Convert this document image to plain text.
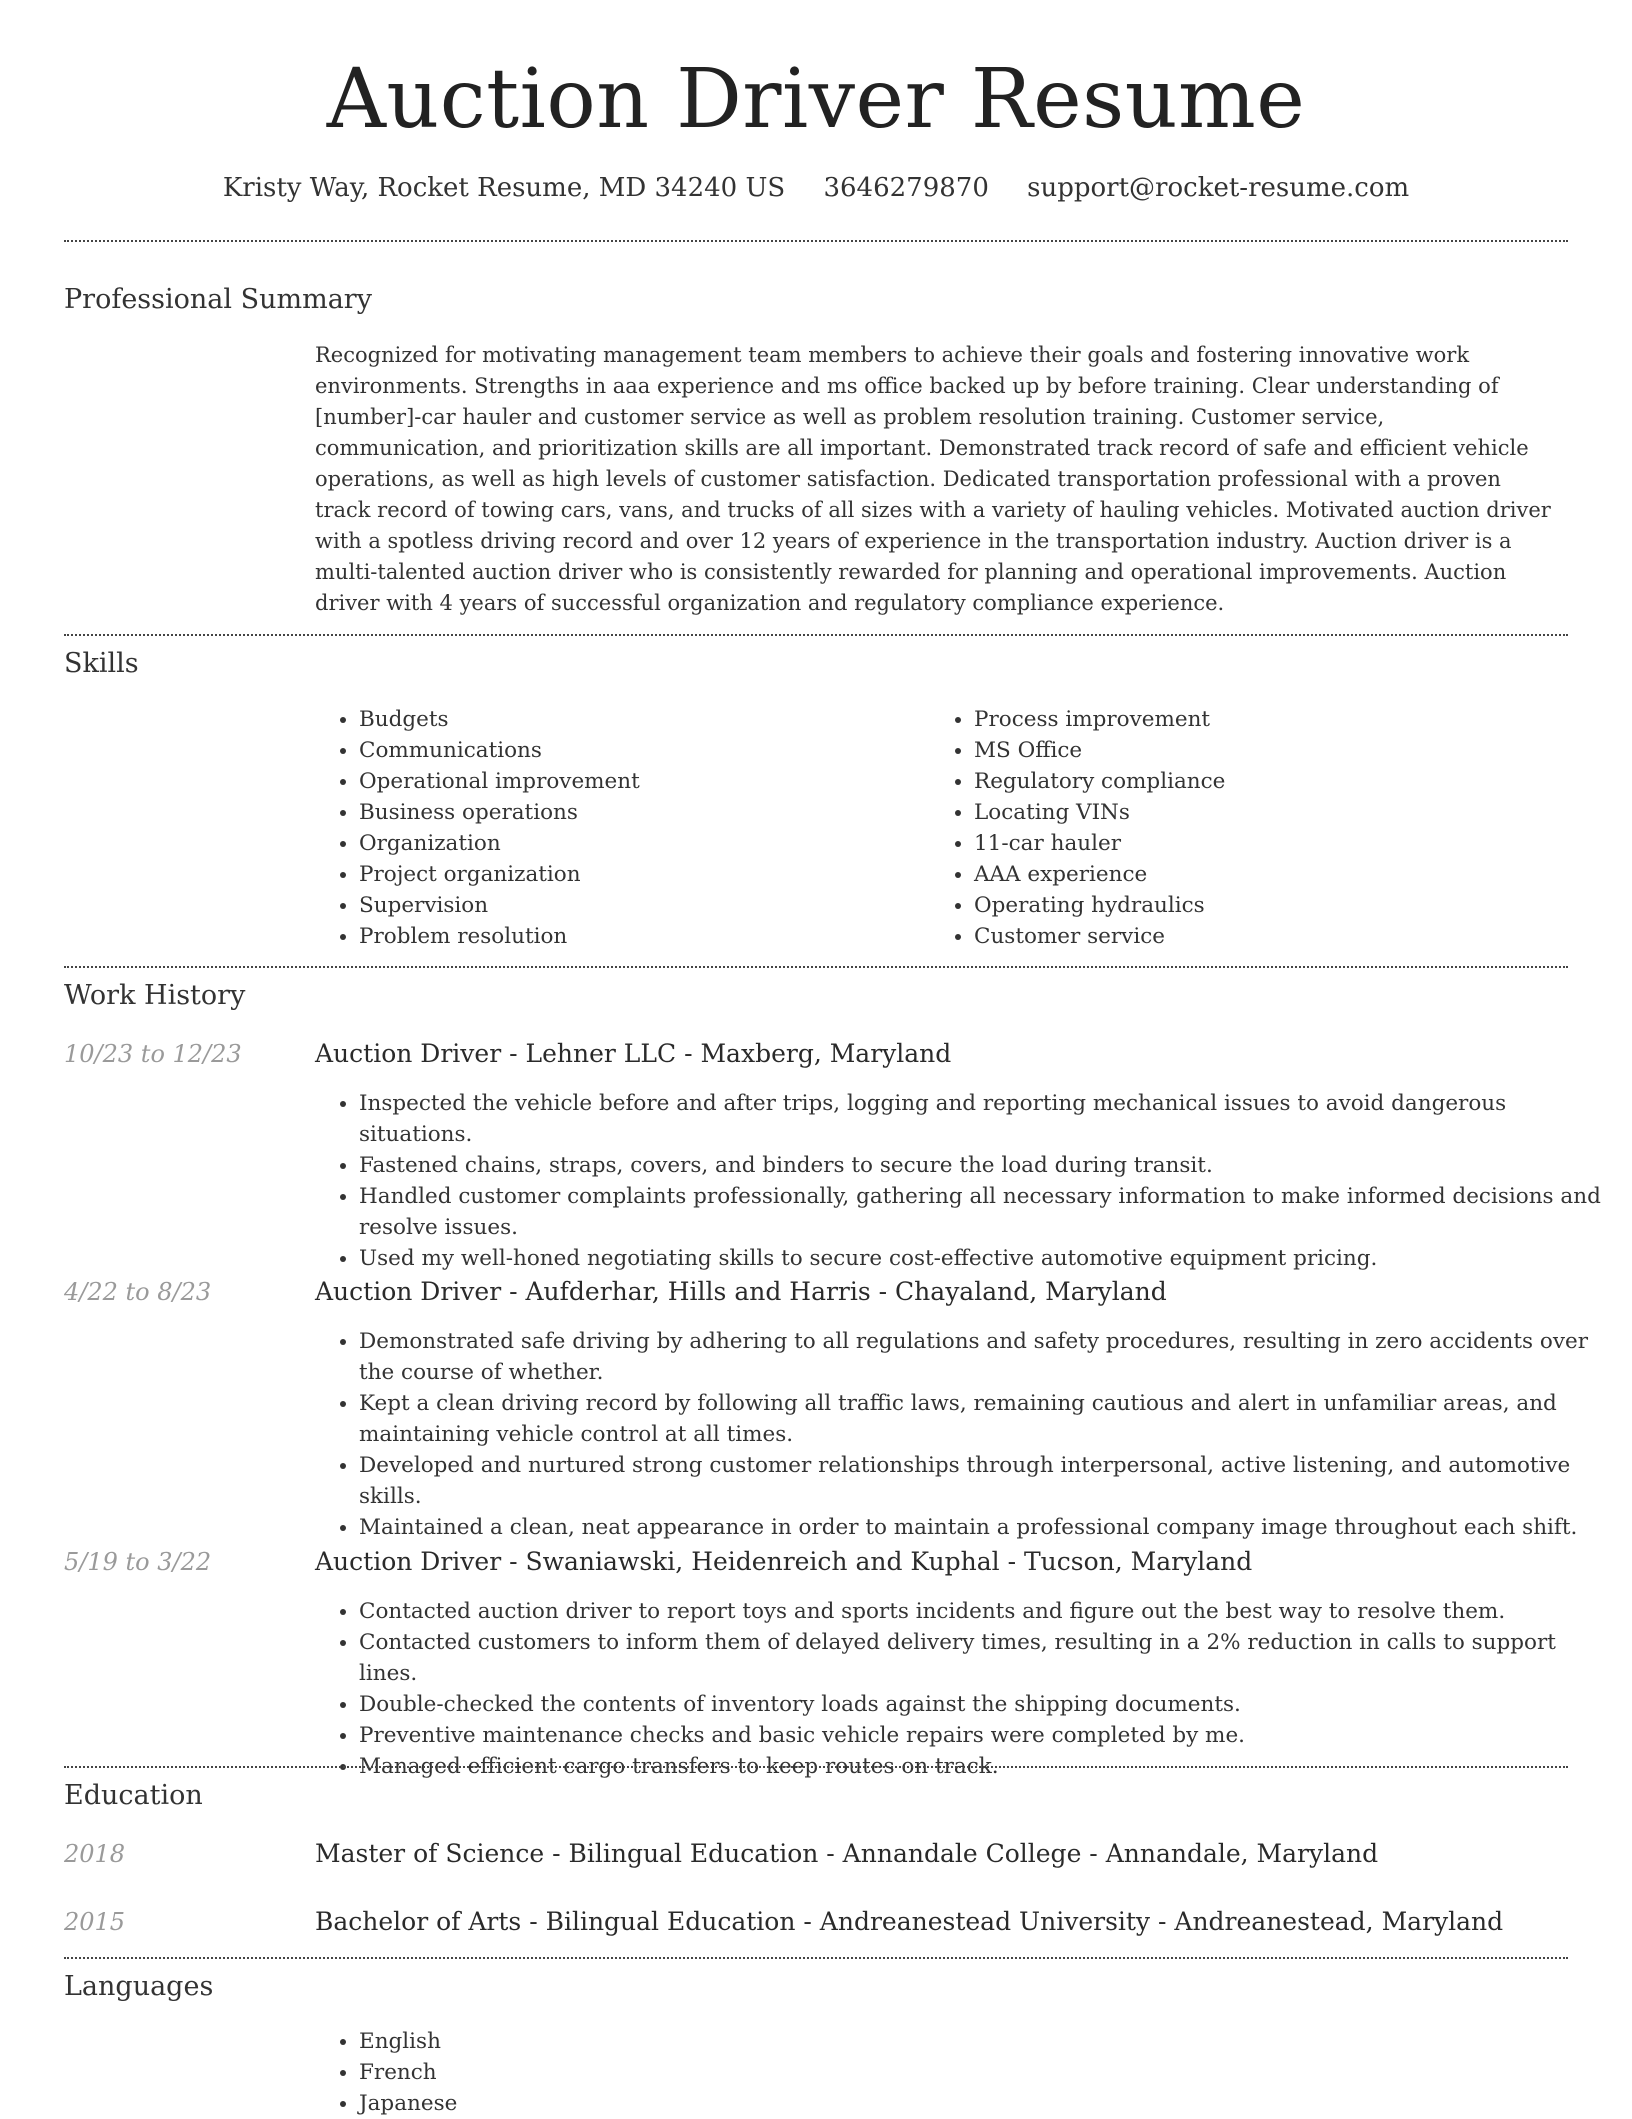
Auction Driver Resume
Kristy Way, Rocket Resume, MD 34240 US 3646279870 support@rocket-resume.com
Professional Summary

Recognized for motivating management team members to achieve their goals and fostering innovative work environments. Strengths in aaa experience and ms office backed up by before training. Clear understanding of [number]-car hauler and customer service as well as problem resolution training. Customer service, communication, and prioritization skills are all important. Demonstrated track record of safe and efficient vehicle operations, as well as high levels of customer satisfaction. Dedicated transportation professional with a proven track record of towing cars, vans, and trucks of all sizes with a variety of hauling vehicles. Motivated auction driver with a spotless driving record and over 12 years of experience in the transportation industry. Auction driver is a multi-talented auction driver who is consistently rewarded for planning and operational improvements. Auction driver with 4 years of successful organization and regulatory compliance experience.

Skills
• Budgets
• Communications
• Operational improvement
• Business operations
• Organization
• Project organization
• Supervision
• Problem resolution
• Process improvement
• MS Office
• Regulatory compliance
• Locating VINs
• 11-car hauler
• AAA experience
• Operating hydraulics
• Customer service
Work History
10/23 to 12/23	Auction Driver - Lehner LLC - Maxberg, Maryland
• Inspected the vehicle before and after trips, logging and reporting mechanical issues to avoid dangerous situations.
• Fastened chains, straps, covers, and binders to secure the load during transit.
• Handled customer complaints professionally, gathering all necessary information to make informed decisions and resolve issues.
• Used my well-honed negotiating skills to secure cost-effective automotive equipment pricing.
4/22 to 8/23	Auction Driver - Aufderhar, Hills and Harris - Chayaland, Maryland
• Demonstrated safe driving by adhering to all regulations and safety procedures, resulting in zero accidents over the course of whether.
• Kept a clean driving record by following all traffic laws, remaining cautious and alert in unfamiliar areas, and maintaining vehicle control at all times.
• Developed and nurtured strong customer relationships through interpersonal, active listening, and automotive skills.
• Maintained a clean, neat appearance in order to maintain a professional company image throughout each shift.
5/19 to 3/22	Auction Driver - Swaniawski, Heidenreich and Kuphal - Tucson, Maryland
• Contacted auction driver to report toys and sports incidents and figure out the best way to resolve them.
• Contacted customers to inform them of delayed delivery times, resulting in a 2% reduction in calls to support lines.
• Double-checked the contents of inventory loads against the shipping documents.
• Preventive maintenance checks and basic vehicle repairs were completed by me.
• Managed efficient cargo transfers to keep routes on track.
Education
2018	Master of Science - Bilingual Education - Annandale College - Annandale, Maryland
2015	Bachelor of Arts - Bilingual Education - Andreanestead University - Andreanestead, Maryland
Languages
• English
• French
• Japanese
